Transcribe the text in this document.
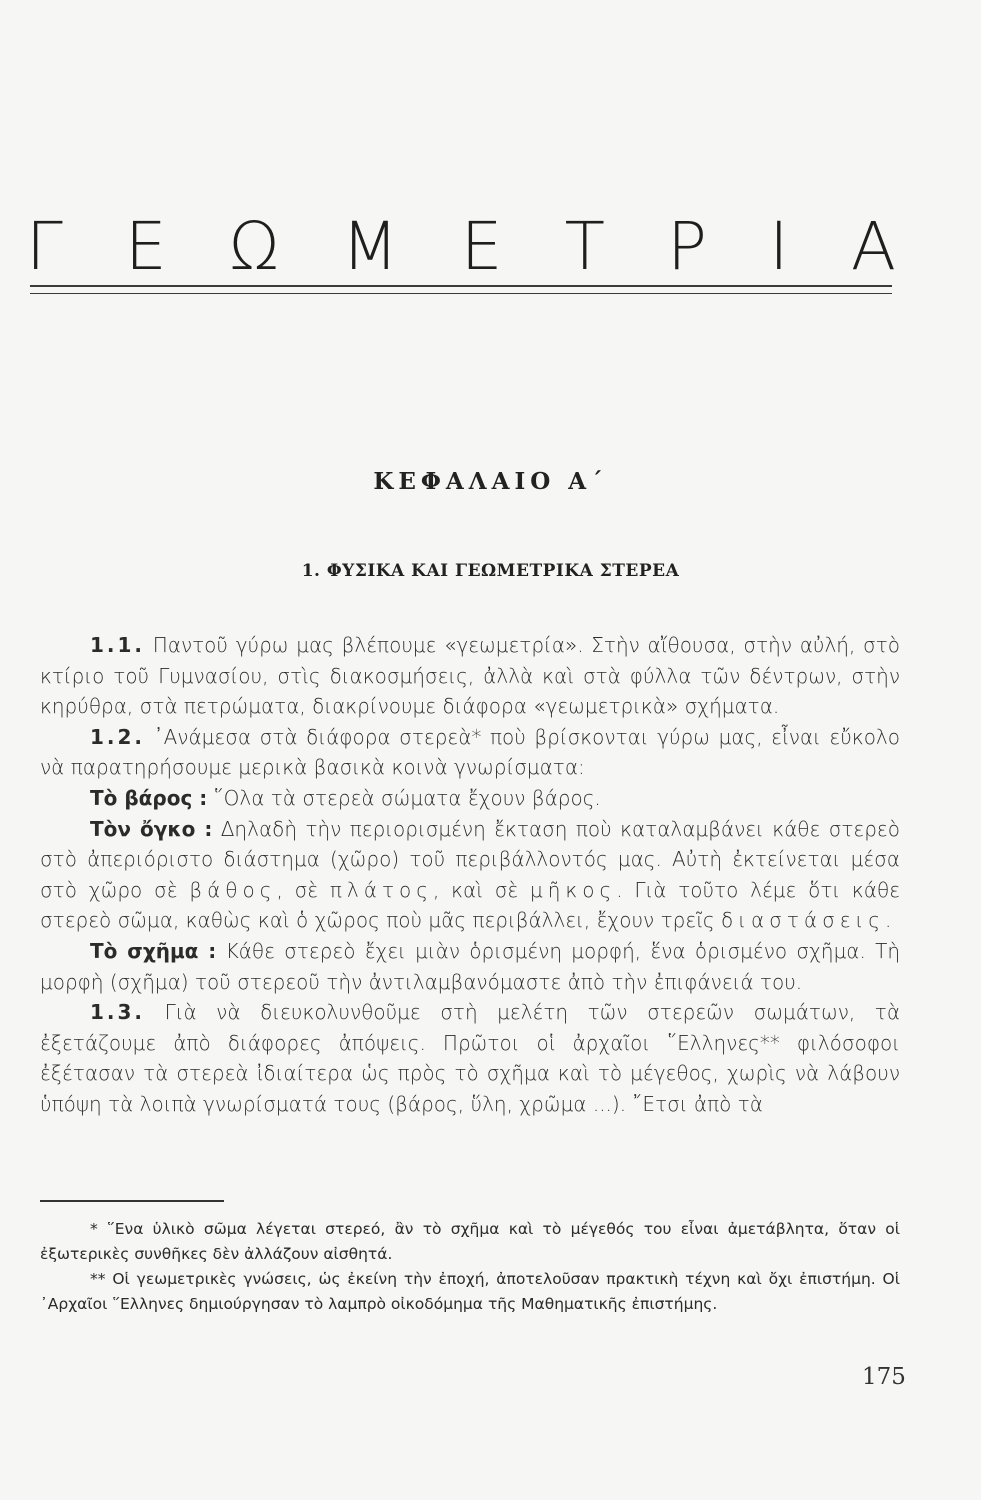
Γ Ε Ω Μ Ε Τ Ρ Ι Α
ΚΕΦΑΛΑΙΟ Α΄
1. ΦΥΣΙΚΑ ΚΑΙ ΓΕΩΜΕΤΡΙΚΑ ΣΤΕΡΕΑ

1.1. Παντοῦ γύρω μας βλέπουμε «γεωμετρία». Στὴν αἴθουσα, στὴν αὐλή, στὸ κτίριο τοῦ Γυμνασίου, στὶς διακοσμήσεις, ἀλλὰ καὶ στὰ φύλλα τῶν δέντρων, στὴν κηρύθρα, στὰ πετρώματα, διακρίνουμε διάφορα «γεωμετρικὰ» σχήματα.

1.2. ᾿Ανάμεσα στὰ διάφορα στερεὰ* ποὺ βρίσκονται γύρω μας, εἶναι εὔκολο νὰ παρατηρήσουμε μερικὰ βασικὰ κοινὰ γνωρίσματα:

Τὸ βάρος : ῞Ολα τὰ στερεὰ σώματα ἔχουν βάρος.

Τὸν ὄγκο : Δηλαδὴ τὴν περιορισμένη ἔκταση ποὺ καταλαμβάνει κάθε στερεὸ στὸ ἀπεριόριστο διάστημα (χῶρο) τοῦ περιβάλλοντός μας. Αὐτὴ ἐκτείνεται μέσα στὸ χῶρο σὲ βάθος, σὲ πλάτος, καὶ σὲ μῆκος. Γιὰ τοῦτο λέμε ὅτι κάθε στερεὸ σῶμα, καθὼς καὶ ὁ χῶρος ποὺ μᾶς περιβάλλει, ἔχουν τρεῖς διαστάσεις.

Τὸ σχῆμα : Κάθε στερεὸ ἔχει μιὰν ὁρισμένη μορφή, ἕνα ὁρισμένο σχῆμα. Τὴ μορφὴ (σχῆμα) τοῦ στερεοῦ τὴν ἀντιλαμβανόμαστε ἀπὸ τὴν ἐπιφάνειά του.

1.3. Γιὰ νὰ διευκολυνθοῦμε στὴ μελέτη τῶν στερεῶν σωμάτων, τὰ ἐξετάζουμε ἀπὸ διάφορες ἀπόψεις. Πρῶτοι οἱ ἀρχαῖοι ῞Ελληνες** φιλόσοφοι ἐξέτασαν τὰ στερεὰ ἰδιαίτερα ὡς πρὸς τὸ σχῆμα καὶ τὸ μέγεθος, χωρὶς νὰ λάβουν ὑπόψη τὰ λοιπὰ γνωρίσματά τους (βάρος, ὕλη, χρῶμα ...). ῎Ετσι ἀπὸ τὰ

* ῞Ενα ὑλικὸ σῶμα λέγεται στερεό, ἂν τὸ σχῆμα καὶ τὸ μέγεθός του εἶναι ἀμετάβλητα, ὅταν οἱ ἐξωτερικὲς συνθῆκες δὲν ἀλλάζουν αἰσθητά.

** Οἱ γεωμετρικὲς γνώσεις, ὡς ἐκείνη τὴν ἐποχή, ἀποτελοῦσαν πρακτικὴ τέχνη καὶ ὄχι ἐπιστήμη. Οἱ ᾿Αρχαῖοι ῞Ελληνες δημιούργησαν τὸ λαμπρὸ οἰκοδόμημα τῆς Μαθηματικῆς ἐπιστήμης.

175
